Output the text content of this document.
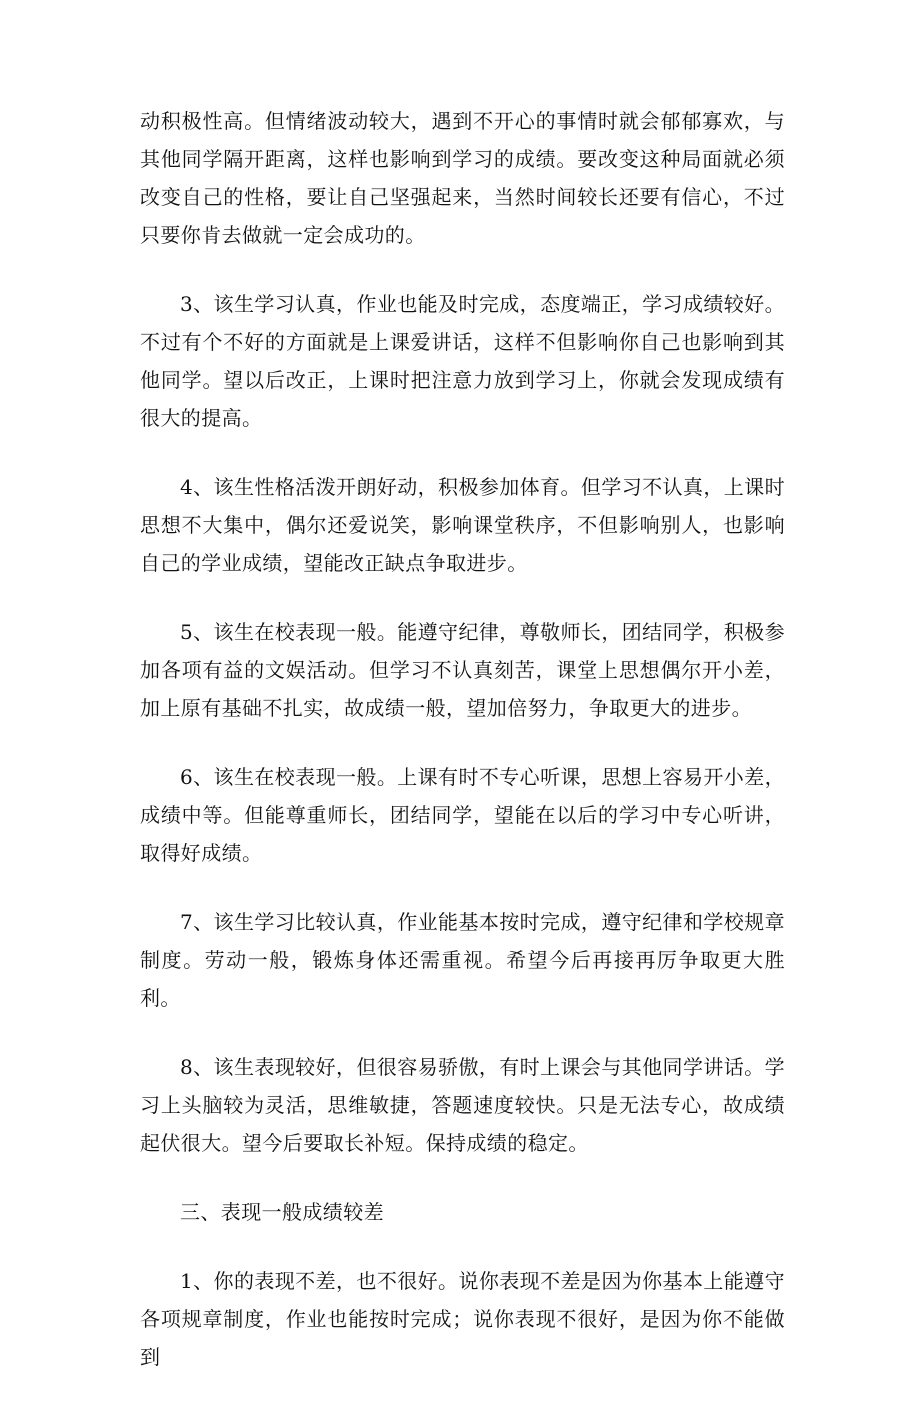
动积极性高。但情绪波动较大，遇到不开心的事情时就会郁郁寡欢，与其他同学隔开距离，这样也影响到学习的成绩。要改变这种局面就必须改变自己的性格，要让自己坚强起来，当然时间较长还要有信心，不过只要你肯去做就一定会成功的。

3、该生学习认真，作业也能及时完成，态度端正，学习成绩较好。不过有个不好的方面就是上课爱讲话，这样不但影响你自己也影响到其他同学。望以后改正，上课时把注意力放到学习上，你就会发现成绩有很大的提高。

4、该生性格活泼开朗好动，积极参加体育。但学习不认真，上课时思想不大集中，偶尔还爱说笑，影响课堂秩序，不但影响别人，也影响自己的学业成绩，望能改正缺点争取进步。

5、该生在校表现一般。能遵守纪律，尊敬师长，团结同学，积极参加各项有益的文娱活动。但学习不认真刻苦，课堂上思想偶尔开小差，加上原有基础不扎实，故成绩一般，望加倍努力，争取更大的进步。

6、该生在校表现一般。上课有时不专心听课，思想上容易开小差，成绩中等。但能尊重师长，团结同学，望能在以后的学习中专心听讲，取得好成绩。

7、该生学习比较认真，作业能基本按时完成，遵守纪律和学校规章制度。劳动一般，锻炼身体还需重视。希望今后再接再厉争取更大胜利。

8、该生表现较好，但很容易骄傲，有时上课会与其他同学讲话。学习上头脑较为灵活，思维敏捷，答题速度较快。只是无法专心，故成绩起伏很大。望今后要取长补短。保持成绩的稳定。

三、表现一般成绩较差

1、你的表现不差，也不很好。说你表现不差是因为你基本上能遵守各项规章制度，作业也能按时完成；说你表现不很好，是因为你不能做到
